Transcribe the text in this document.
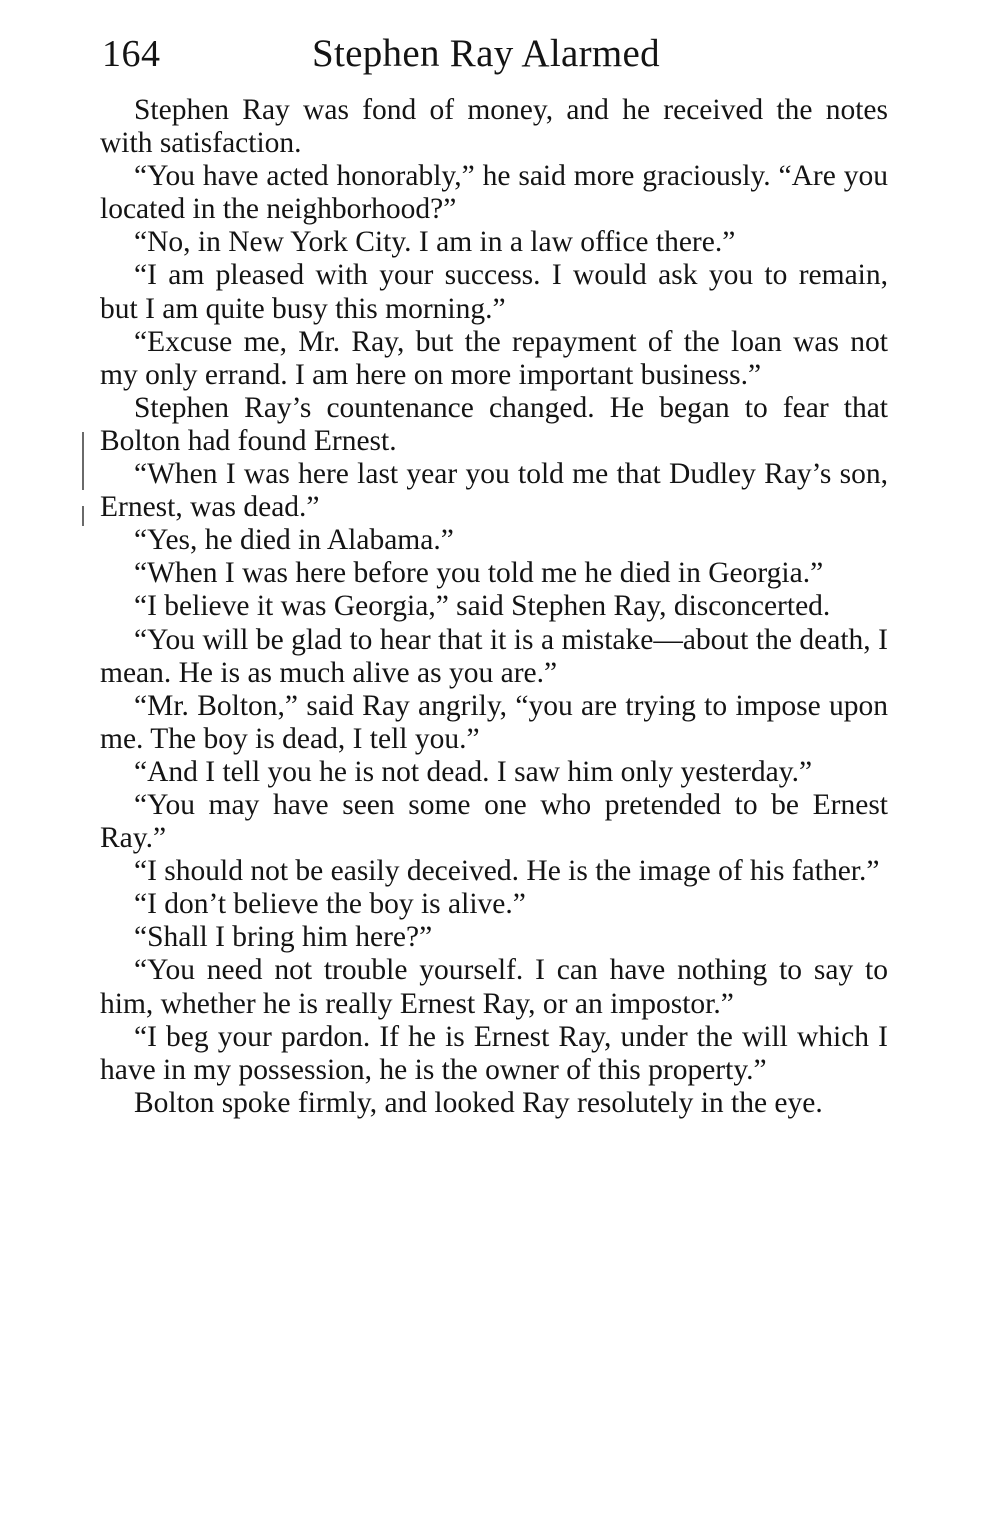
164	Stephen Ray Alarmed

Stephen Ray was fond of money, and he received the notes with satisfaction.

“You have acted honorably,” he said more graciously. “Are you located in the neighborhood?”

“No, in New York City. I am in a law office there.”

“I am pleased with your success. I would ask you to remain, but I am quite busy this morning.”

“Excuse me, Mr. Ray, but the repayment of the loan was not my only errand. I am here on more important business.”

Stephen Ray’s countenance changed. He began to fear that Bolton had found Ernest.

“When I was here last year you told me that Dudley Ray’s son, Ernest, was dead.”

“Yes, he died in Alabama.”

“When I was here before you told me he died in Georgia.”

“I believe it was Georgia,” said Stephen Ray, disconcerted.

“You will be glad to hear that it is a mistake—about the death, I mean. He is as much alive as you are.”

“Mr. Bolton,” said Ray angrily, “you are trying to impose upon me. The boy is dead, I tell you.”

“And I tell you he is not dead. I saw him only yesterday.”

“You may have seen some one who pretended to be Ernest Ray.”

“I should not be easily deceived. He is the image of his father.”

“I don’t believe the boy is alive.”

“Shall I bring him here?”

“You need not trouble yourself. I can have nothing to say to him, whether he is really Ernest Ray, or an impostor.”

“I beg your pardon. If he is Ernest Ray, under the will which I have in my possession, he is the owner of this property.”

Bolton spoke firmly, and looked Ray resolutely in the eye.
